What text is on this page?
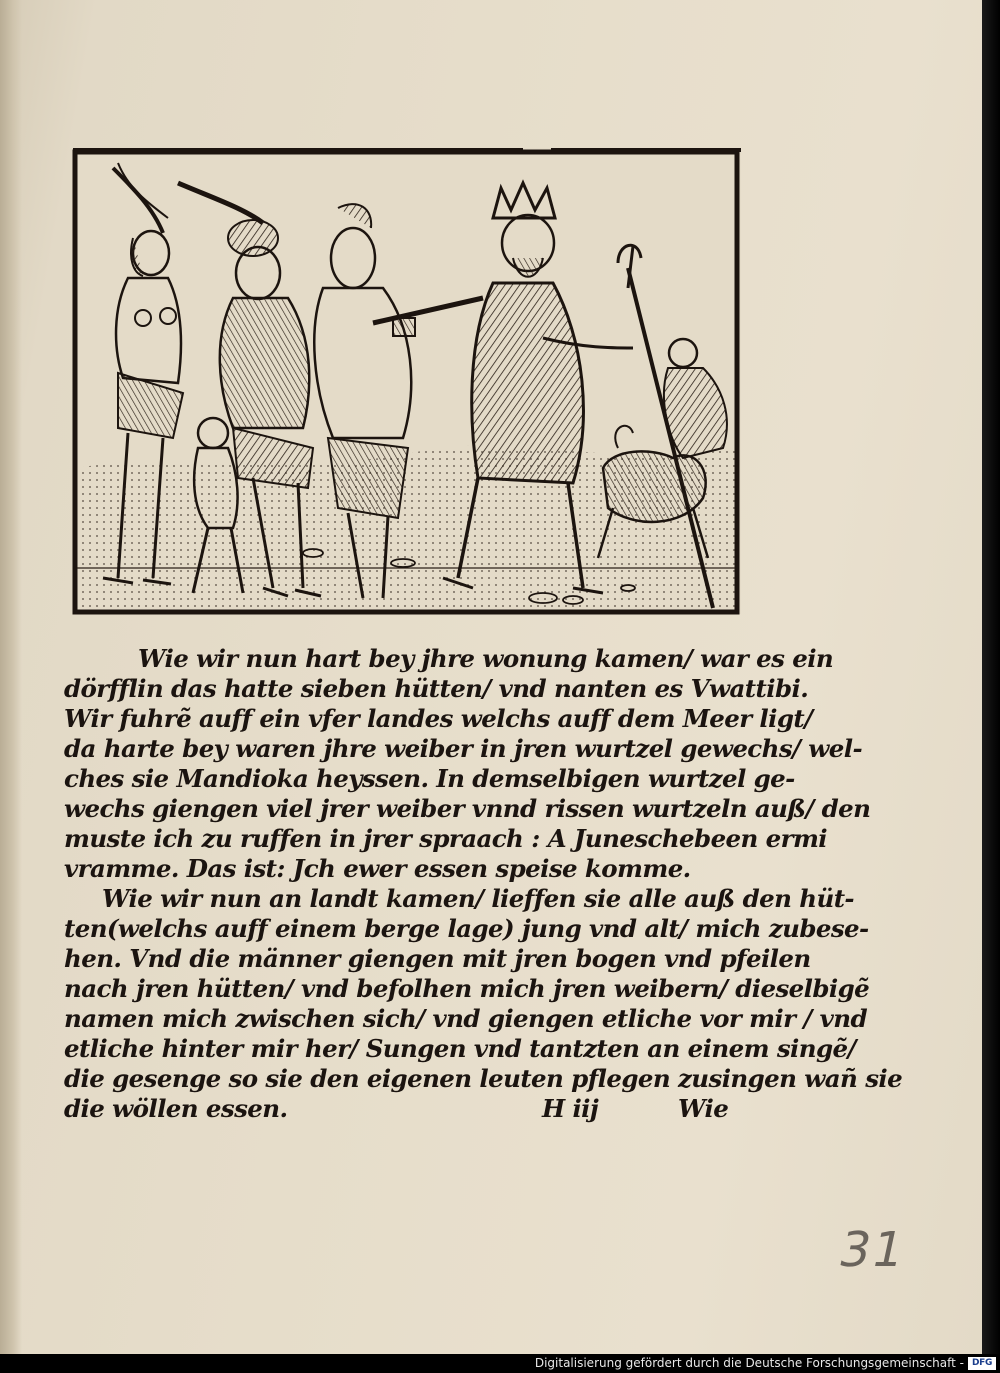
Wie wir nun hart bey jhre wonung kamen/ war es ein
dörfflin das hatte sieben hütten/ vnd nanten es Vwattibi.
Wir fuhrẽ auff ein vfer landes welchs auff dem Meer ligt/
da harte bey waren jhre weiber in jren wurtzel gewechs/ wel-
ches sie Mandioka heyssen. In demselbigen wurtzel ge-
wechs giengen viel jrer weiber vnnd rissen wurtzeln auß/ den
muste ich zu ruffen in jrer spraach : A Juneschebeen ermi
vramme. Das ist: Jch ewer essen speise komme.
Wie wir nun an landt kamen/ lieffen sie alle auß den hüt-
ten(welchs auff einem berge lage) jung vnd alt/ mich zubese-
hen. Vnd die männer giengen mit jren bogen vnd pfeilen
nach jren hütten/ vnd befolhen mich jren weibern/ dieselbigẽ
namen mich zwischen sich/ vnd giengen etliche vor mir / vnd
etliche hinter mir her/ Sungen vnd tantzten an einem singẽ/
die gesenge so sie den eigenen leuten pflegen zusingen wañ sie
die wöllen essen.	H iij	Wie
31
Digitalisierung gefördert durch die Deutsche Forschungsgemeinschaft - DFG
